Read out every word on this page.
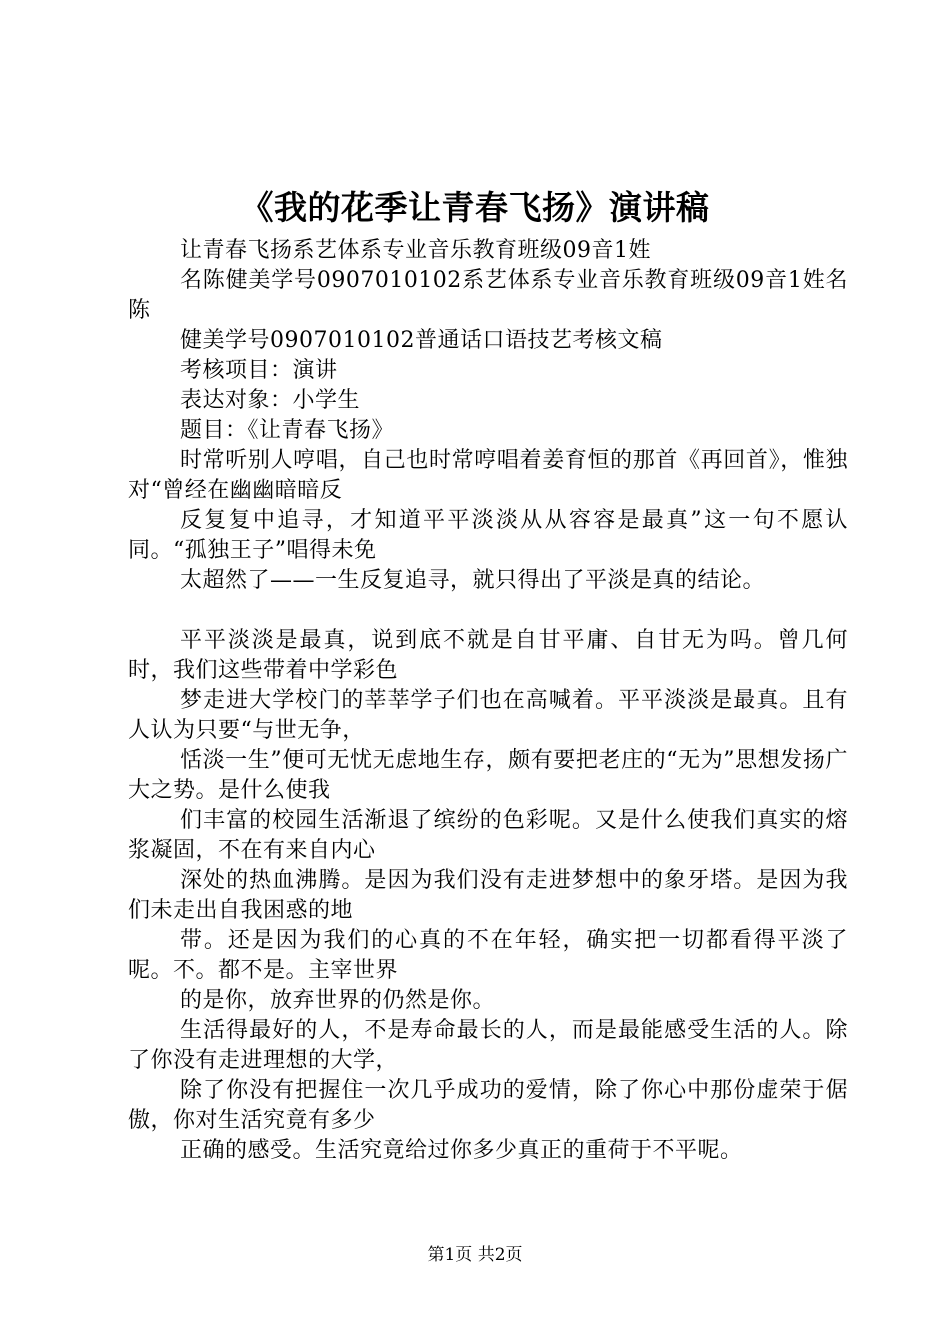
《我的花季让青春飞扬》演讲稿

让青春飞扬系艺体系专业音乐教育班级09音1姓

名陈健美学号0907010102系艺体系专业音乐教育班级09音1姓名陈

健美学号0907010102普通话口语技艺考核文稿

考核项目：演讲

表达对象：小学生

题目：《让青春飞扬》

时常听别人哼唱，自己也时常哼唱着姜育恒的那首《再回首》，惟独对“曾经在幽幽暗暗反

反复复中追寻，才知道平平淡淡从从容容是最真”这一句不愿认同。“孤独王子”唱得未免

太超然了——一生反复追寻，就只得出了平淡是真的结论。

平平淡淡是最真，说到底不就是自甘平庸、自甘无为吗。曾几何时，我们这些带着中学彩色

梦走进大学校门的莘莘学子们也在高喊着。平平淡淡是最真。且有人认为只要“与世无争，

恬淡一生”便可无忧无虑地生存，颇有要把老庄的“无为”思想发扬广大之势。是什么使我

们丰富的校园生活渐退了缤纷的色彩呢。又是什么使我们真实的熔浆凝固，不在有来自内心

深处的热血沸腾。是因为我们没有走进梦想中的象牙塔。是因为我们未走出自我困惑的地

带。还是因为我们的心真的不在年轻，确实把一切都看得平淡了呢。不。都不是。主宰世界

的是你，放弃世界的仍然是你。

生活得最好的人，不是寿命最长的人，而是最能感受生活的人。除了你没有走进理想的大学，

除了你没有把握住一次几乎成功的爱情，除了你心中那份虚荣于倨傲，你对生活究竟有多少

正确的感受。生活究竟给过你多少真正的重荷于不平呢。

第1页 共2页
